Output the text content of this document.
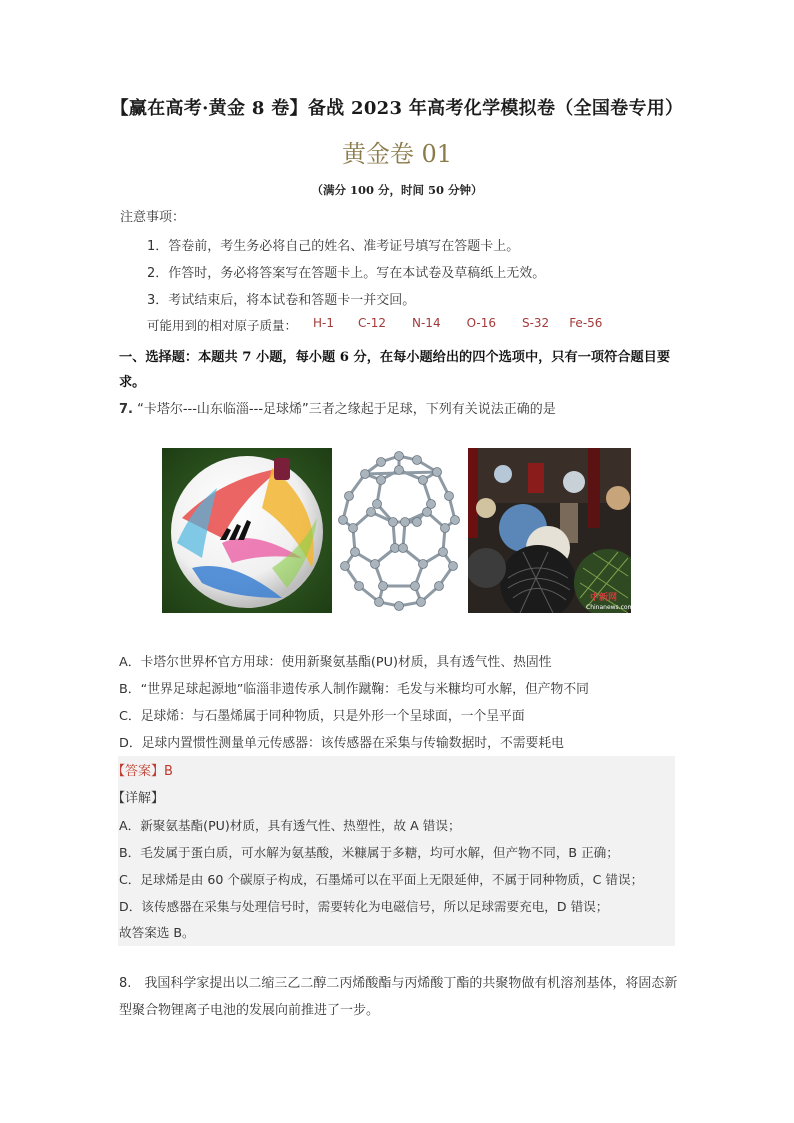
【赢在高考·黄金 8 卷】备战 2023 年高考化学模拟卷（全国卷专用）
黄金卷 01
（满分 100 分，时间 50 分钟）
注意事项：
1．答卷前，考生务必将自己的姓名、准考证号填写在答题卡上。
2．作答时，务必将答案写在答题卡上。写在本试卷及草稿纸上无效。
3．考试结束后，将本试卷和答题卡一并交回。
可能用到的相对原子质量： H-1 C-12 N-14 O-16 S-32 Fe-56
一、选择题：本题共 7 小题，每小题 6 分，在每小题给出的四个选项中，只有一项符合题目要求。
7. “卡塔尔---山东临淄---足球烯”三者之缘起于足球，下列有关说法正确的是
中新网
Chinanews.com
A．卡塔尔世界杯官方用球：使用新聚氨基酯(PU)材质，具有透气性、热固性
B．“世界足球起源地”临淄非遗传承人制作蹴鞠：毛发与米糠均可水解，但产物不同
C．足球烯：与石墨烯属于同种物质，只是外形一个呈球面，一个呈平面
D．足球内置惯性测量单元传感器：该传感器在采集与传输数据时，不需要耗电
【答案】B
【详解】
A．新聚氨基酯(PU)材质，具有透气性、热塑性，故 A 错误；
B．毛发属于蛋白质，可水解为氨基酸，米糠属于多糖，均可水解，但产物不同，B 正确；
C．足球烯是由 60 个碳原子构成，石墨烯可以在平面上无限延伸，不属于同种物质，C 错误；
D．该传感器在采集与处理信号时，需要转化为电磁信号，所以足球需要充电，D 错误；
故答案选 B。
8.　我国科学家提出以二缩三乙二醇二丙烯酸酯与丙烯酸丁酯的共聚物做有机溶剂基体，将固态新型聚合物锂离子电池的发展向前推进了一步。
